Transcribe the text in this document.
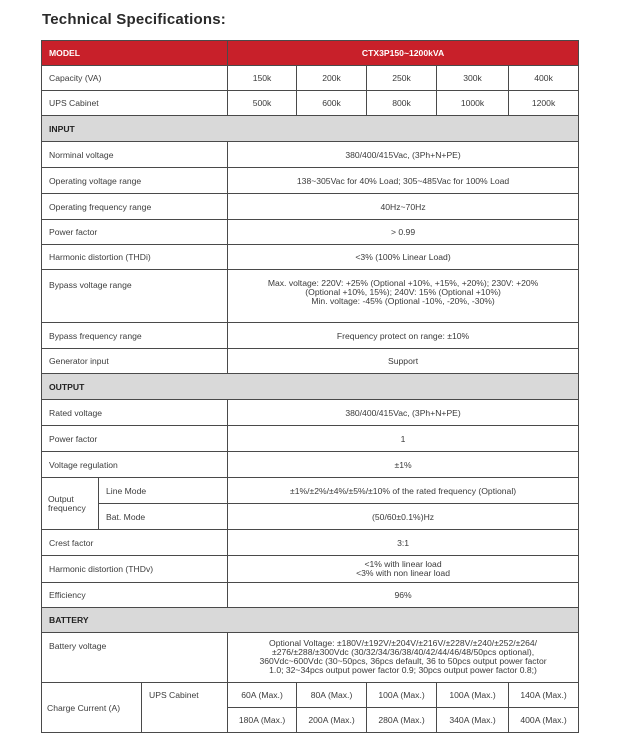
Technical Specifications:
MODEL			CTX3P150~1200kVA				
Capacity (VA)			150k	200k	250k	300k	400k
UPS Cabinet			500k	600k	800k	1000k	1200k
INPUT							
Norminal voltage			380/400/415Vac, (3Ph+N+PE)				
Operating voltage range			138~305Vac for 40% Load; 305~485Vac for 100% Load				
Operating frequency range			40Hz~70Hz				
Power factor			> 0.99				
Harmonic distortion (THDi)			<3% (100% Linear Load)				
Bypass voltage range			Max. voltage: 220V: +25% (Optional +10%, +15%, +20%); 230V: +20%
(Optional +10%, 15%); 240V: 15% (Optional +10%)
Min. voltage: -45% (Optional -10%, -20%, -30%)				

Bypass frequency range			Frequency protect on range: ±10%				
Generator input			Support				
OUTPUT							
Rated voltage			380/400/415Vac, (3Ph+N+PE)				
Power factor			1				
Voltage regulation			±1%				
Output frequency	Line Mode		±1%/±2%/±4%/±5%/±10% of the rated frequency (Optional)				
	Bat. Mode		(50/60±0.1%)Hz				
Crest factor			3:1				
Harmonic distortion (THDv)			<1% with linear load
<3% with non linear load				

Efficiency			96%				
BATTERY							
Battery voltage			Optional Voltage: ±180V/±192V/±204V/±216V/±228V/±240/±252/±264/
±276/±288/±300Vdc (30/32/34/36/38/40/42/44/46/48/50pcs optional),
360Vdc~600Vdc (30~50pcs, 36pcs default, 36 to 50pcs output power factor
1.0; 32~34pcs output power factor 0.9; 30pcs output power factor 0.8;)				

Charge Current (A)		UPS Cabinet	60A (Max.)	80A (Max.)	100A (Max.)	100A (Max.)	140A (Max.)
			180A (Max.)	200A (Max.)	280A (Max.)	340A (Max.)	400A (Max.)
